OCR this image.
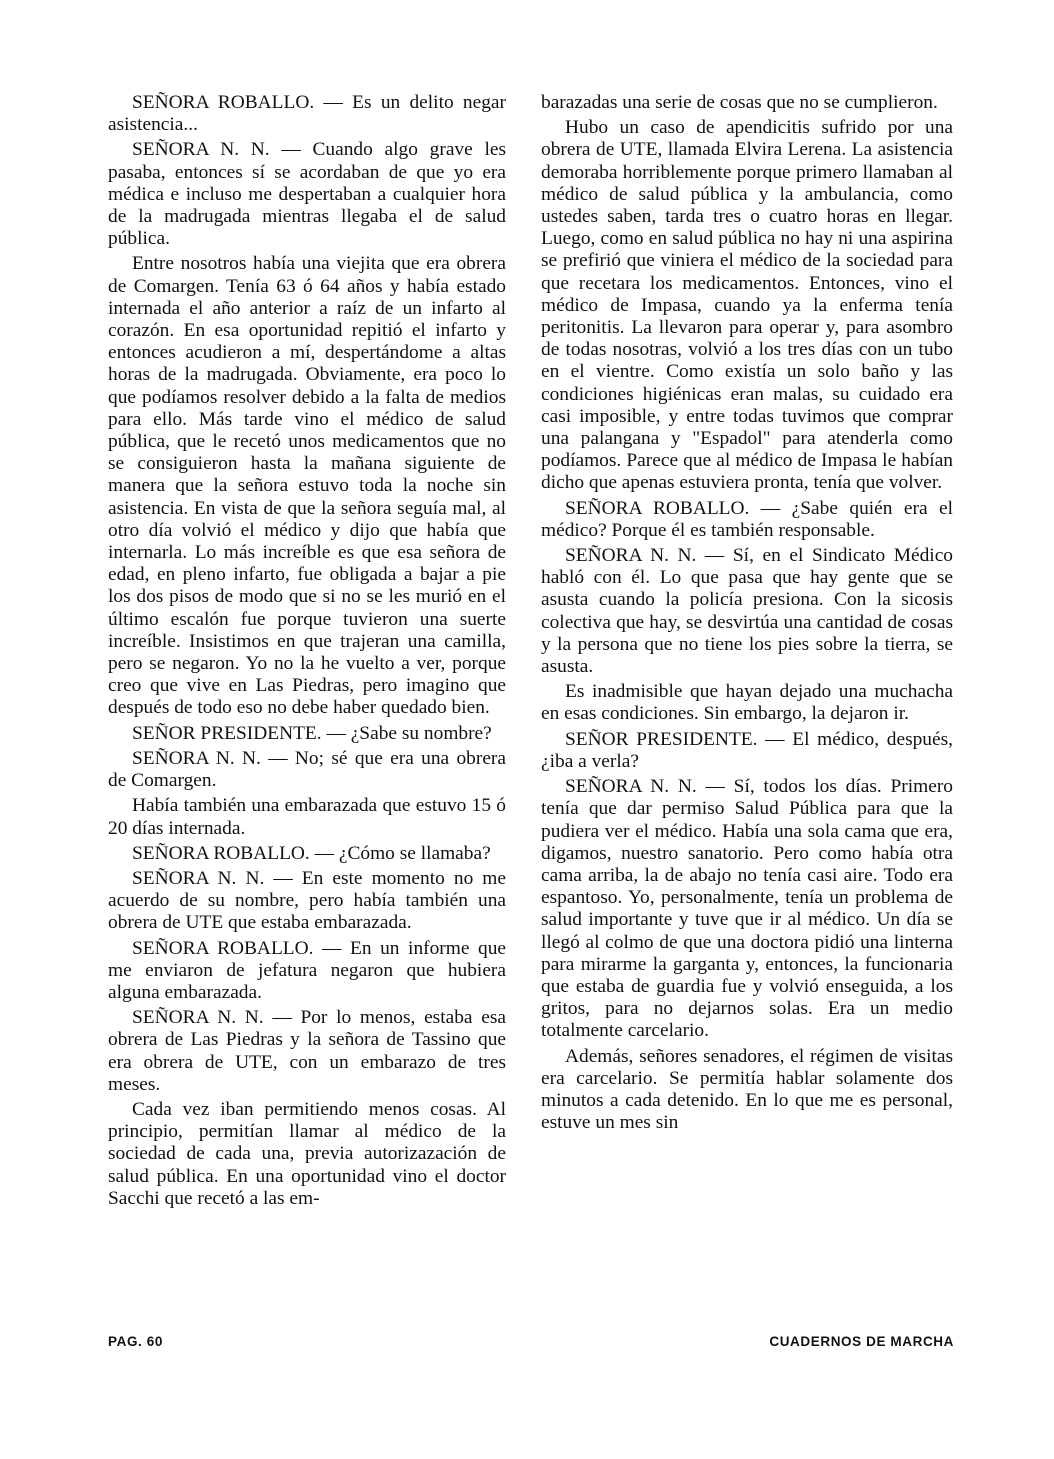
SEÑORA ROBALLO. — Es un delito negar asistencia...

SEÑORA N. N. — Cuando algo grave les pasaba, entonces sí se acordaban de que yo era médica e incluso me despertaban a cualquier hora de la madrugada mientras llegaba el de salud pública.

Entre nosotros había una viejita que era obrera de Comargen. Tenía 63 ó 64 años y había estado internada el año anterior a raíz de un infarto al corazón. En esa oportunidad repitió el infarto y entonces acudieron a mí, despertándome a altas horas de la madrugada. Obviamente, era poco lo que podíamos resolver debido a la falta de medios para ello. Más tarde vino el médico de salud pública, que le recetó unos medicamentos que no se consiguieron hasta la mañana siguiente de manera que la señora estuvo toda la noche sin asistencia. En vista de que la señora seguía mal, al otro día volvió el médico y dijo que había que internarla. Lo más increíble es que esa señora de edad, en pleno infarto, fue obligada a bajar a pie los dos pisos de modo que si no se les murió en el último escalón fue porque tuvieron una suerte increíble. Insistimos en que trajeran una camilla, pero se negaron. Yo no la he vuelto a ver, porque creo que vive en Las Piedras, pero imagino que después de todo eso no debe haber quedado bien.

SEÑOR PRESIDENTE. — ¿Sabe su nombre?

SEÑORA N. N. — No; sé que era una obrera de Comargen.

Había también una embarazada que estuvo 15 ó 20 días internada.

SEÑORA ROBALLO. — ¿Cómo se llamaba?

SEÑORA N. N. — En este momento no me acuerdo de su nombre, pero había también una obrera de UTE que estaba embarazada.

SEÑORA ROBALLO. — En un informe que me enviaron de jefatura negaron que hubiera alguna embarazada.

SEÑORA N. N. — Por lo menos, estaba esa obrera de Las Piedras y la señora de Tassino que era obrera de UTE, con un embarazo de tres meses.

Cada vez iban permitiendo menos cosas. Al principio, permitían llamar al médico de la sociedad de cada una, previa autorizazación de salud pública. En una oportunidad vino el doctor Sacchi que recetó a las em-

barazadas una serie de cosas que no se cumplieron.

Hubo un caso de apendicitis sufrido por una obrera de UTE, llamada Elvira Lerena. La asistencia demoraba horriblemente porque primero llamaban al médico de salud pública y la ambulancia, como ustedes saben, tarda tres o cuatro horas en llegar. Luego, como en salud pública no hay ni una aspirina se prefirió que viniera el médico de la sociedad para que recetara los medicamentos. Entonces, vino el médico de Impasa, cuando ya la enferma tenía peritonitis. La llevaron para operar y, para asombro de todas nosotras, volvió a los tres días con un tubo en el vientre. Como existía un solo baño y las condiciones higiénicas eran malas, su cuidado era casi imposible, y entre todas tuvimos que comprar una palangana y "Espadol" para atenderla como podíamos. Parece que al médico de Impasa le habían dicho que apenas estuviera pronta, tenía que volver.

SEÑORA ROBALLO. — ¿Sabe quién era el médico? Porque él es también responsable.

SEÑORA N. N. — Sí, en el Sindicato Médico habló con él. Lo que pasa que hay gente que se asusta cuando la policía presiona. Con la sicosis colectiva que hay, se desvirtúa una cantidad de cosas y la persona que no tiene los pies sobre la tierra, se asusta.

Es inadmisible que hayan dejado una muchacha en esas condiciones. Sin embargo, la dejaron ir.

SEÑOR PRESIDENTE. — El médico, después, ¿iba a verla?

SEÑORA N. N. — Sí, todos los días. Primero tenía que dar permiso Salud Pública para que la pudiera ver el médico. Había una sola cama que era, digamos, nuestro sanatorio. Pero como había otra cama arriba, la de abajo no tenía casi aire. Todo era espantoso. Yo, personalmente, tenía un problema de salud importante y tuve que ir al médico. Un día se llegó al colmo de que una doctora pidió una linterna para mirarme la garganta y, entonces, la funcionaria que estaba de guardia fue y volvió enseguida, a los gritos, para no dejarnos solas. Era un medio totalmente carcelario.

Además, señores senadores, el régimen de visitas era carcelario. Se permitía hablar solamente dos minutos a cada detenido. En lo que me es personal, estuve un mes sin

PAG. 60	CUADERNOS DE MARCHA
